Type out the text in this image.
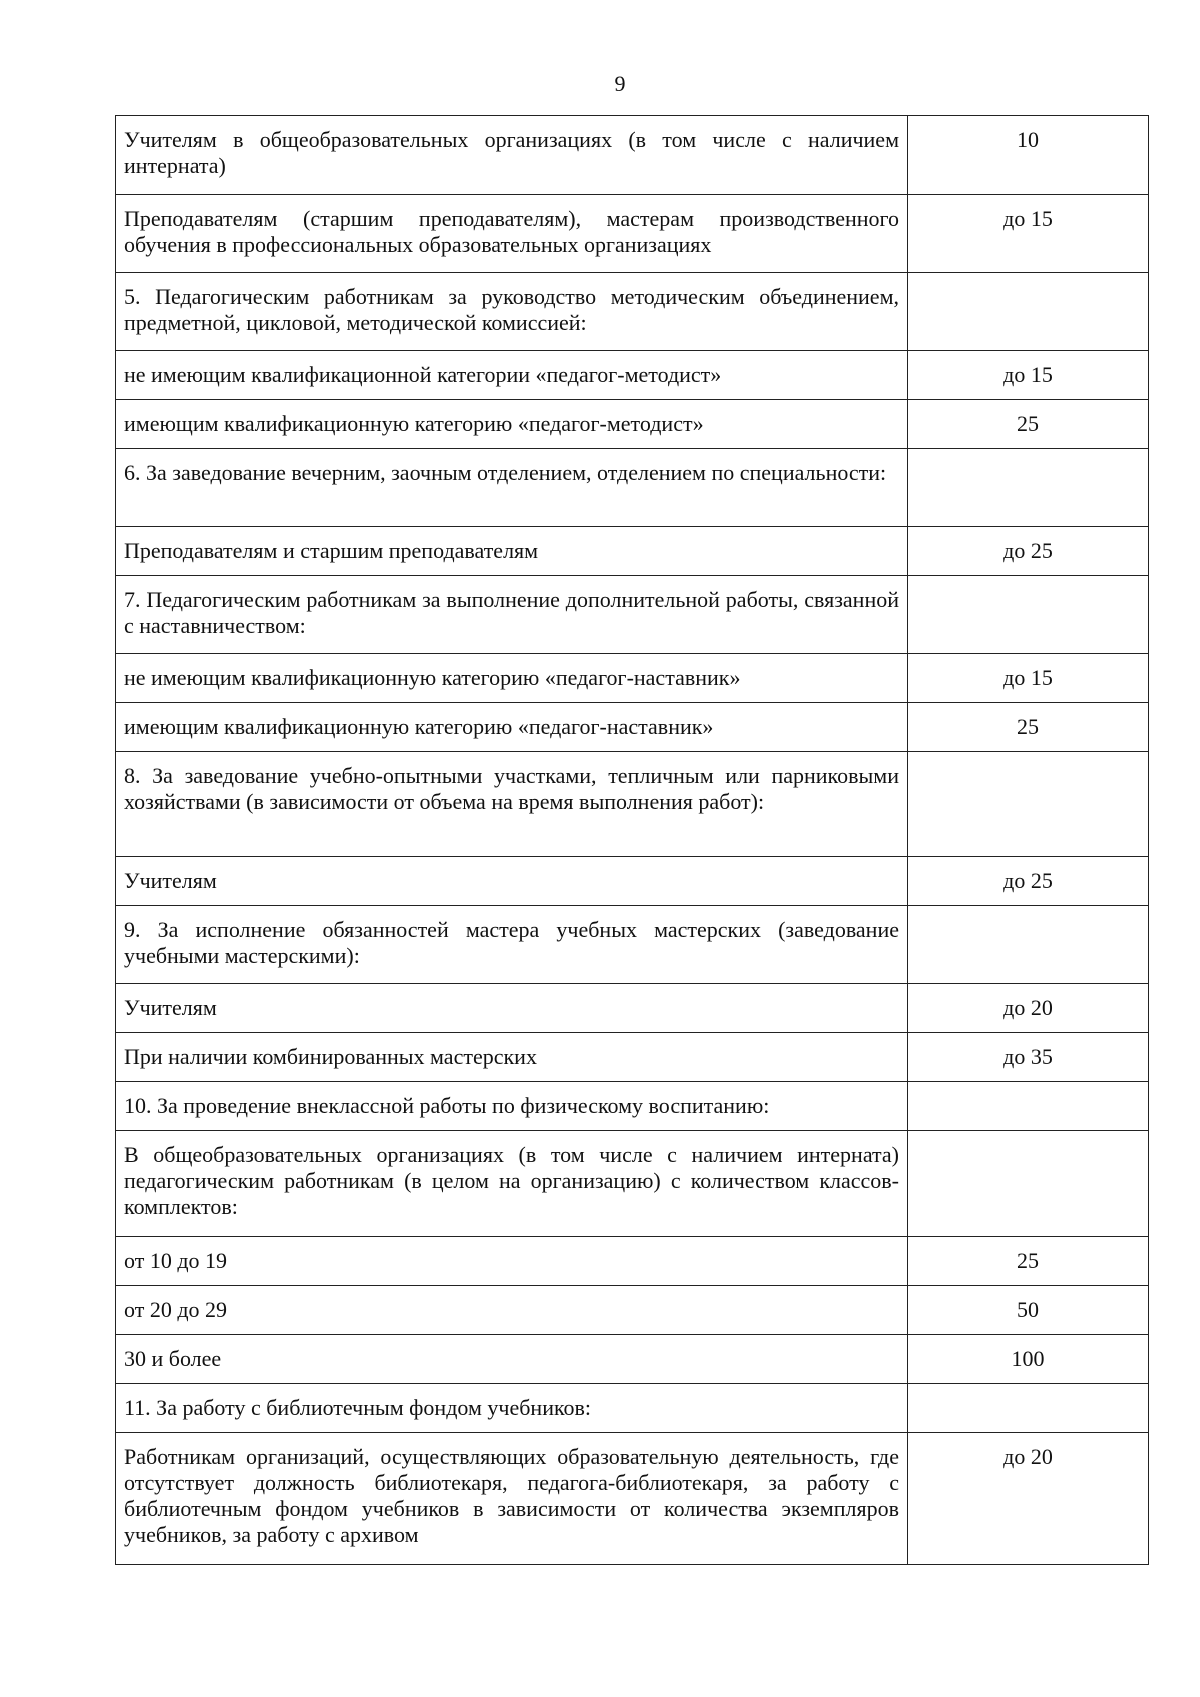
9
Учителям в общеобразовательных организациях (в том числе с наличием интерната)	10
Преподавателям (старшим преподавателям), мастерам производственного обучения в профессиональных образовательных организациях	до 15
5. Педагогическим работникам за руководство методическим объединением, предметной, цикловой, методической комиссией:	
не имеющим квалификационной категории «педагог-методист»	до 15
имеющим квалификационную категорию «педагог-методист»	25
6. За заведование вечерним, заочным отделением, отделением по специальности:	
Преподавателям и старшим преподавателям	до 25
7. Педагогическим работникам за выполнение дополнительной работы, связанной с наставничеством:	
не имеющим квалификационную категорию «педагог-наставник»	до 15
имеющим квалификационную категорию «педагог-наставник»	25
8. За заведование учебно-опытными участками, тепличным или парниковыми хозяйствами (в зависимости от объема на время выполнения работ):	
Учителям	до 25
9. За исполнение обязанностей мастера учебных мастерских (заведование учебными мастерскими):	
Учителям	до 20
При наличии комбинированных мастерских	до 35
10. За проведение внеклассной работы по физическому воспитанию:	
В общеобразовательных организациях (в том числе с наличием интерната) педагогическим работникам (в целом на организацию) с количеством классов-комплектов:	
от 10 до 19	25
от 20 до 29	50
30 и более	100
11. За работу с библиотечным фондом учебников:	
Работникам организаций, осуществляющих образовательную деятельность, где отсутствует должность библиотекаря, педагога-библиотекаря, за работу с библиотечным фондом учебников в зависимости от количества экземпляров учебников, за работу с архивом	до 20
